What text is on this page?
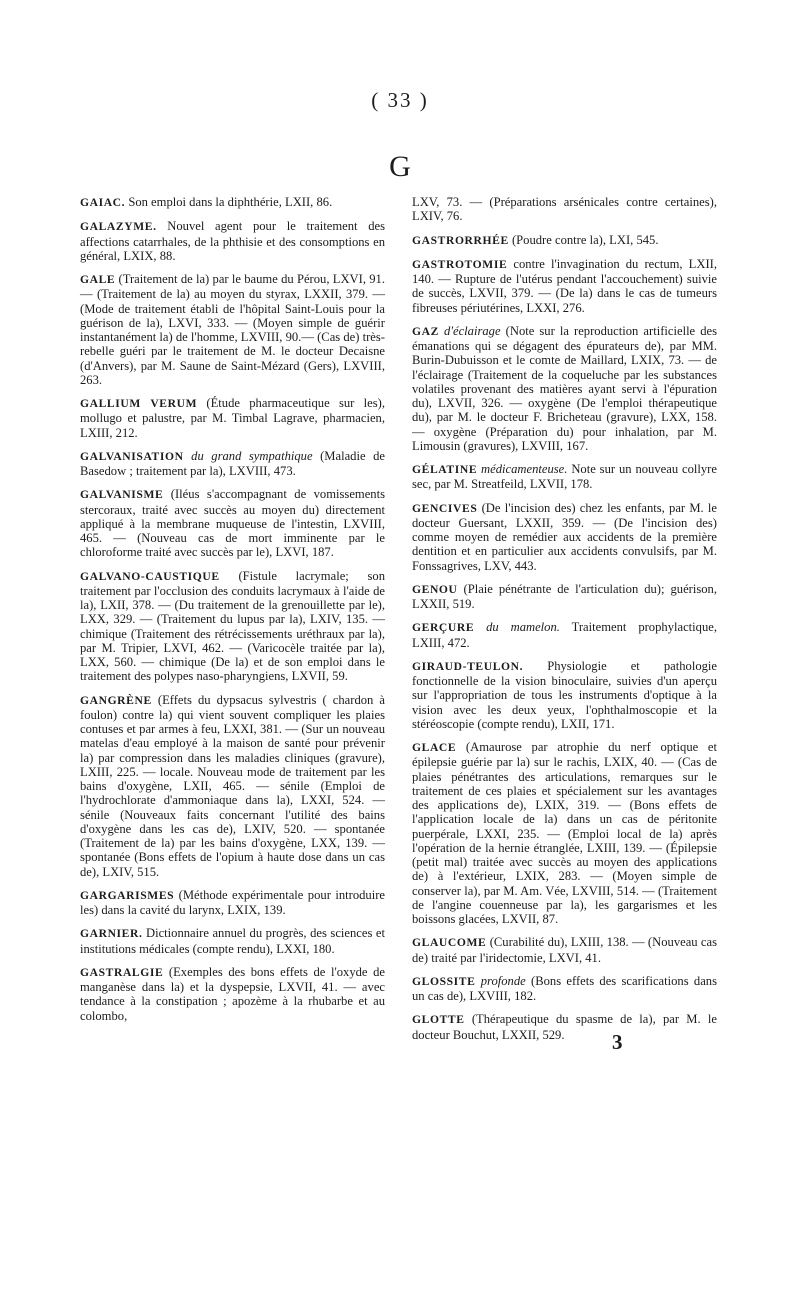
( 33 )
G

GAIAC. Son emploi dans la diphthérie, LXII, 86.

GALAZYME. Nouvel agent pour le traitement des affections catarrhales, de la phthisie et des consomptions en général, LXIX, 88.

GALE (Traitement de la) par le baume du Pérou, LXVI, 91. — (Traitement de la) au moyen du styrax, LXXII, 379. — (Mode de traitement établi de l'hôpital Saint-Louis pour la guérison de la), LXVI, 333. — (Moyen simple de guérir instantanément la) de l'homme, LXVIII, 90.— (Cas de) très-rebelle guéri par le traitement de M. le docteur Decaisne (d'Anvers), par M. Saune de Saint-Mézard (Gers), LXVIII, 263.

GALLIUM VERUM (Étude pharmaceutique sur les), mollugo et palustre, par M. Timbal Lagrave, pharmacien, LXIII, 212.

GALVANISATION du grand sympathique (Maladie de Basedow ; traitement par la), LXVIII, 473.

GALVANISME (Iléus s'accompagnant de vomissements stercoraux, traité avec succès au moyen du) directement appliqué à la membrane muqueuse de l'intestin, LXVIII, 465. — (Nouveau cas de mort imminente par le chloroforme traité avec succès par le), LXVI, 187.

GALVANO-CAUSTIQUE (Fistule lacrymale; son traitement par l'occlusion des conduits lacrymaux à l'aide de la), LXII, 378. — (Du traitement de la grenouillette par le), LXX, 329. — (Traitement du lupus par la), LXIV, 135. — chimique (Traitement des rétrécissements uréthraux par la), par M. Tripier, LXVI, 462. — (Varicocèle traitée par la), LXX, 560. — chimique (De la) et de son emploi dans le traitement des polypes naso-pharyngiens, LXVII, 59.

GANGRÈNE (Effets du dypsacus sylvestris ( chardon à foulon) contre la) qui vient souvent compliquer les plaies contuses et par armes à feu, LXXI, 381. — (Sur un nouveau matelas d'eau employé à la maison de santé pour prévenir la) par compression dans les maladies cliniques (gravure), LXIII, 225. — locale. Nouveau mode de traitement par les bains d'oxygène, LXII, 465. — sénile (Emploi de l'hydrochlorate d'ammoniaque dans la), LXXI, 524. — sénile (Nouveaux faits concernant l'utilité des bains d'oxygène dans les cas de), LXIV, 520. — spontanée (Traitement de la) par les bains d'oxygène, LXX, 139. — spontanée (Bons effets de l'opium à haute dose dans un cas de), LXIV, 515.

GARGARISMES (Méthode expérimentale pour introduire les) dans la cavité du larynx, LXIX, 139.

GARNIER. Dictionnaire annuel du progrès, des sciences et institutions médicales (compte rendu), LXXI, 180.

GASTRALGIE (Exemples des bons effets de l'oxyde de manganèse dans la) et la dyspepsie, LXVII, 41. — avec tendance à la constipation ; apozème à la rhubarbe et au colombo,

LXV, 73. — (Préparations arsénicales contre certaines), LXIV, 76.

GASTRORRHÉE (Poudre contre la), LXI, 545.

GASTROTOMIE contre l'invagination du rectum, LXII, 140. — Rupture de l'utérus pendant l'accouchement) suivie de succès, LXVII, 379. — (De la) dans le cas de tumeurs fibreuses périutérines, LXXI, 276.

GAZ d'éclairage (Note sur la reproduction artificielle des émanations qui se dégagent des épurateurs de), par MM. Burin-Dubuisson et le comte de Maillard, LXIX, 73. — de l'éclairage (Traitement de la coqueluche par les substances volatiles provenant des matières ayant servi à l'épuration du), LXVII, 326. — oxygène (De l'emploi thérapeutique du), par M. le docteur F. Bricheteau (gravure), LXX, 158. — oxygène (Préparation du) pour inhalation, par M. Limousin (gravures), LXVIII, 167.

GÉLATINE médicamenteuse. Note sur un nouveau collyre sec, par M. Streatfeild, LXVII, 178.

GENCIVES (De l'incision des) chez les enfants, par M. le docteur Guersant, LXXII, 359. — (De l'incision des) comme moyen de remédier aux accidents de la première dentition et en particulier aux accidents convulsifs, par M. Fonssagrives, LXV, 443.

GENOU (Plaie pénétrante de l'articulation du); guérison, LXXII, 519.

GERÇURE du mamelon. Traitement prophylactique, LXIII, 472.

GIRAUD-TEULON. Physiologie et pathologie fonctionnelle de la vision binoculaire, suivies d'un aperçu sur l'appropriation de tous les instruments d'optique à la vision avec les deux yeux, l'ophthalmoscopie et la stéréoscopie (compte rendu), LXII, 171.

GLACE (Amaurose par atrophie du nerf optique et épilepsie guérie par la) sur le rachis, LXIX, 40. — (Cas de plaies pénétrantes des articulations, remarques sur le traitement de ces plaies et spécialement sur les avantages des applications de), LXIX, 319. — (Bons effets de l'application locale de la) dans un cas de péritonite puerpérale, LXXI, 235. — (Emploi local de la) après l'opération de la hernie étranglée, LXIII, 139. — (Épilepsie (petit mal) traitée avec succès au moyen des applications de) à l'extérieur, LXIX, 283. — (Moyen simple de conserver la), par M. Am. Vée, LXVIII, 514. — (Traitement de l'angine couenneuse par la), les gargarismes et les boissons glacées, LXVII, 87.

GLAUCOME (Curabilité du), LXIII, 138. — (Nouveau cas de) traité par l'iridectomie, LXVI, 41.

GLOSSITE profonde (Bons effets des scarifications dans un cas de), LXVIII, 182.

GLOTTE (Thérapeutique du spasme de la), par M. le docteur Bouchut, LXXII, 529.	3
